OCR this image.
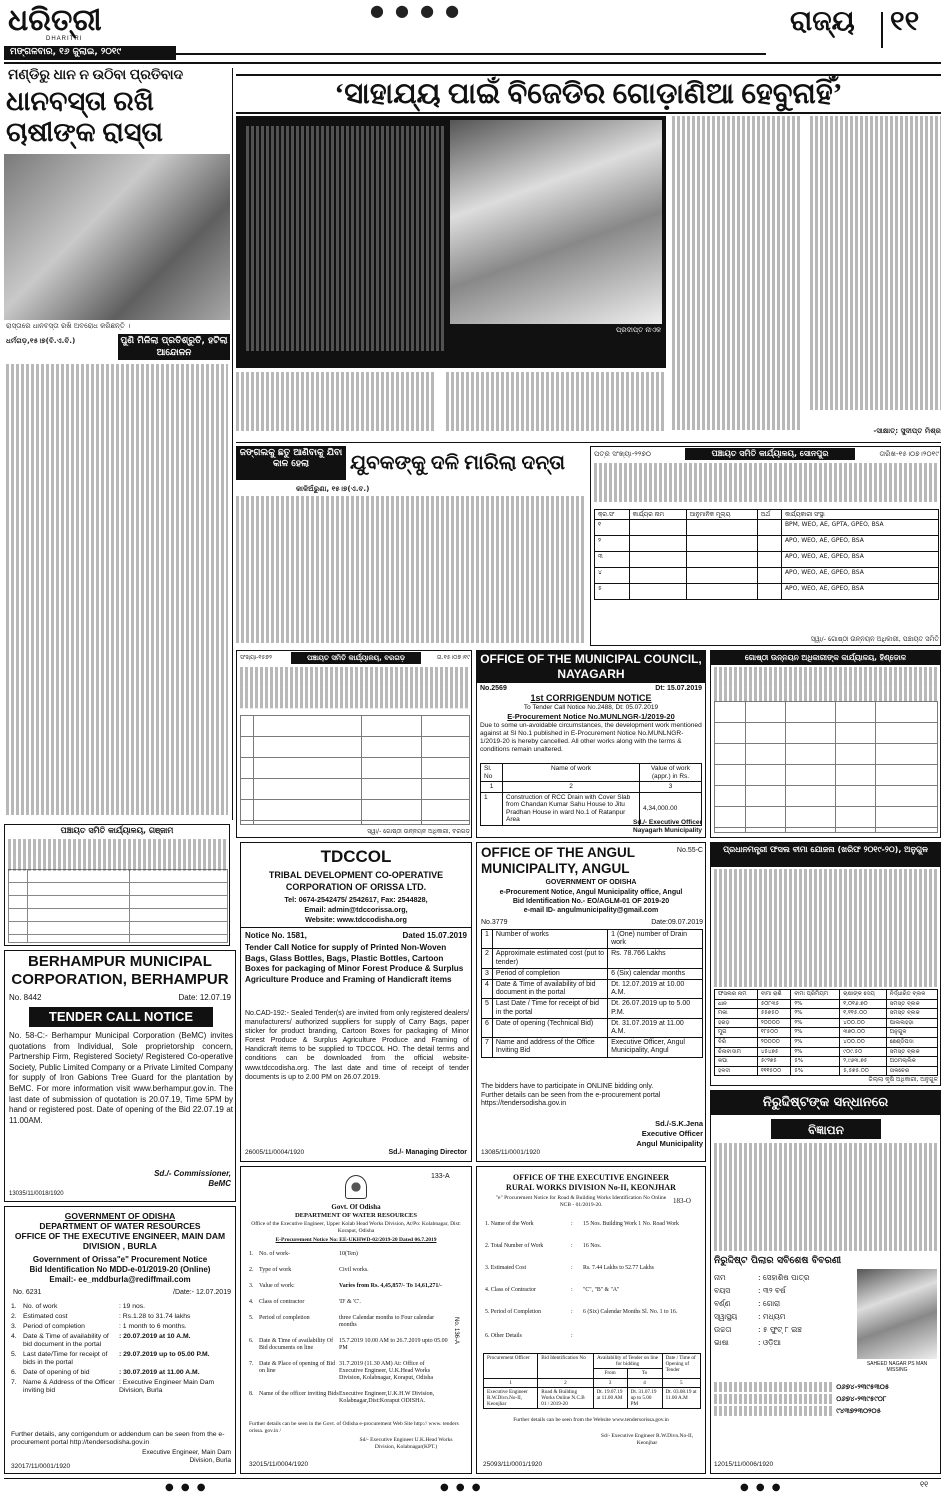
ଧରିତ୍ରୀ
DHARITRI
ମଙ୍ଗଳବାର, ୧୬ ଜୁଲାଇ, ୨୦୧୯
● ● ● ●	ରାଜ୍ୟ ୧୧
ମଣ୍ଡିରୁ ଧାନ ନ ଉଠିବା ପ୍ରତିବାଦ
ଧାନବସ୍ତା ରଖି ଚାଷୀଙ୍କ ରାସ୍ତା
ରାସ୍ତାରେ ଧାନବସ୍ତା ରଖି ଅବରୋଧ କରିଛନ୍ତି ।
ଧର୍ମଗଡ଼,୧୫।୭(ବି.ଏ.ବି.)	ପୁଣି ମିଳିଲା ପ୍ରତିଶ୍ରୁତି, ହଟିଲା ଆନ୍ଦୋଳନ
‘ସାହାଯ୍ୟ ପାଇଁ ବିଜେଡିର ଗୋଡ଼ାଣିଆ ହେବୁନାହିଁ’
ପ୍ରଦୀପ୍ତ ନାଏକ
-ସାକ୍ଷାତ୍: ସୁଦୀପ୍ତ ମିଶ୍ର
ଜଙ୍ଗଲକୁ ଛତୁ ଆଣିବାକୁ ଯିବା କାଳ ହେଲା	ଯୁବକଙ୍କୁ ଦଳି ମାରିଲା ଦନ୍ତା
କାଳିଅଁରୁଣା, ୧୫।୭(ଏ.ବ.)
ପତ୍ର ସଂଖ୍ୟା-୨୨୭୦	ପଞ୍ଚାୟତ ସମିତି କାର୍ଯ୍ୟାଳୟ, ସୋନପୁର	ତାରିଖ-୧୫।୦୭।୨୦୧୯
କ୍ର.ସଂ	କାର୍ଯ୍ୟର ନାମ	ଆନୁମାନିକ ମୂଲ୍ୟ	ଅର୍ଥ	କାର୍ଯ୍ୟକାରୀ ସଂସ୍ଥା
୧				BPM, WEO, AE, GPTA, GPEO, BSA
୨				APO, WEO, AE, GPEO, BSA
୩				APO, WEO, AE, GPEO, BSA
୪				APO, WEO, AE, GPEO, BSA
୫				APO, WEO, AE, GPEO, BSA
ସ୍ୱା/- ଗୋଷ୍ଠୀ ଉନ୍ନୟନ ଅଧିକାରୀ, ପଞ୍ଚାୟତ ସମିତି
ସଂଖ୍ୟା-୧୫୭୨	ପଞ୍ଚାୟତ ସମିତି କାର୍ଯ୍ୟାଳୟ, ବରଗଡ଼	ତା.୧୫।୦୭।୧୯
ସ୍ୱା/- ଗୋଷ୍ଠୀ ଉନ୍ନୟନ ଅଧିକାରୀ, ବରଗଡ଼
OFFICE OF THE MUNICIPAL COUNCIL, NAYAGARH
No.2569	Dt: 15.07.2019
1st CORRIGENDUM NOTICE
To Tender Call Notice No.2488, Dt: 05.07.2019
E-Procurement Notice No.MUNLNGR-1/2019-20
Due to some un-avoidable circumstances, the development work mentioned against at Sl No.1 published in E-Procurement Notice No.MUNLNGR-1/2019-20 is hereby cancelled. All other works along with the terms & conditions remain unaltered.
Sl. No	Name of work	Value of work (appr.) in Rs.
1	2	3
1	Construction of RCC Drain with Cover Slab from Chandan Kumar Sahu House to Jitu Pradhan House in ward No.1 of Ratanpur Area	4,34,000.00
Sd./- Executive Officer
Nayagarh Municipality
ଗୋଷ୍ଠୀ ଉନ୍ନୟନ ଅଧିକାରୀଙ୍କ କାର୍ଯ୍ୟାଳୟ, ହିଣ୍ଡୋଳ
ପଞ୍ଚାୟତ ସମିତି କାର୍ଯ୍ୟାଳୟ, ଗଞ୍ଜାମ
ପ୍ରଧାନମନ୍ତ୍ରୀ ଫସଲ ବୀମା ଯୋଜନା (ଖରିଫ ୨୦୧୯-୨୦), ଅନୁଗୁଳ
ଫସଲର ନାମ	ବୀମା ରାଶି	ବୀମା ପ୍ରିମିୟମ	ଚାଷୀଙ୍କ ଦେୟ	ନିର୍ଦ୍ଧାରିତ ବ୍ଲକ
ଧାନ	୫୦୮୩୫	୨%	୧,୦୧୬.୭୦	ସମସ୍ତ ବ୍ଲକ
ମକା	୫୫୭୫୦	୨%	୧,୧୧୫.୦୦	ସମସ୍ତ ବ୍ଲକ
ହରଡ଼	୨୦୦୦୦	୨%	୪୦୦.୦୦	ପାଲଲହଡ଼ା
ମୁଗ	୧୮୫୦୦	୨%	୩୭୦.୦୦	ଅନୁଗୁଳ
ବିରି	୨୦୦୦୦	୨%	୪୦୦.୦୦	ଛେଣ୍ଡିପଦା
ଚିନାବାଦାମ	୪୫୪୭୫	୨%	୯୦୯.୫୦	ସମସ୍ତ ବ୍ଲକ
କପା	୫୯୨୭୫	୫%	୨,୯୬୩.୭୫	ଅଠମଲ୍ଲିକ
ହଳଦୀ	୧୧୧୫୦୦	୫%	୫,୫୭୫.୦୦	ତାଳଚେର
ଜିଲ୍ଲା କୃଷି ଅଧିକାରୀ, ଅନୁଗୁଳ
BERHAMPUR MUNICIPAL CORPORATION, BERHAMPUR
No. 8442	Date: 12.07.19
TENDER CALL NOTICE
No. 58-C:- Berhampur Municipal Corporation (BeMC) invites quotations from Individual, Sole proprietorship concern, Partnership Firm, Registered Society/ Registered Co-operative Society, Public Limited Company or a Private Limited Company for supply of Iron Gabions Tree Guard for the plantation by BeMC. For more information visit www.berhampur.gov.in. The last date of submission of quotation is 20.07.19, Time 5PM by hand or registered post. Date of opening of the Bid 22.07.19 at 11.00AM.
Sd./- Commissioner,
BeMC
13035/11/0018/1920
TDCCOL
TRIBAL DEVELOPMENT CO-OPERATIVE CORPORATION OF ORISSA LTD.
Tel: 0674-2542475/ 2542617, Fax: 2544828,
Email: admin@tdccorissa.org,
Website: www.tdccodisha.org
Notice No. 1581,	Dated 15.07.2019
Tender Call Notice for supply of Printed Non-Woven Bags, Glass Bottles, Bags, Plastic Bottles, Cartoon Boxes for packaging of Minor Forest Produce & Surplus Agriculture Produce and Framing of Handicraft items
No.CAD-192:- Sealed Tender(s) are invited from only registered dealers/ manufacturers/ authorized suppliers for supply of Carry Bags, paper sticker for product branding, Cartoon Boxes for packaging of Minor Forest Produce & Surplus Agriculture Produce and Framing of Handicraft items to be supplied to TDCCOL HO. The detail terms and conditions can be downloaded from the official website- www.tdccodisha.org. The last date and time of receipt of tender documents is up to 2.00 PM on 26.07.2019.
26005/11/0004/1920	Sd./- Managing Director
OFFICE OF THE ANGUL MUNICIPALITY, ANGUL
No.55-C
GOVERNMENT OF ODISHA
e-Procurement Notice, Angul Municipality office, Angul
Bid Identification No.- EO/AGLM-01 OF 2019-20
e-mail ID- angulmunicipality@gmail.com
No.3779	Date:09.07.2019
1	Number of works	1 (One) number of Drain work
2	Approximate estimated cost (put to tender)	Rs. 78.766 Lakhs
3	Period of completion	6 (Six) calendar months
4	Date & Time of availability of bid document in the portal	Dt. 12.07.2019 at 10.00 A.M.
5	Last Date / Time for receipt of bid in the portal	Dt. 26.07.2019 up to 5.00 P.M.
6	Date of opening (Technical Bid)	Dt. 31.07.2019 at 11.00 A.M.
7	Name and address of the Office Inviting Bid	Executive Officer, Angul Municipality, Angul
The bidders have to participate in ONLINE bidding only.
Further details can be seen from the e-procurement portal https://tendersodisha.gov.in
Sd./-S.K.Jena
Executive Officer
Angul Municipality
13085/11/0001/1920
ନିରୁଦ୍ଦିଷ୍ଟଙ୍କ ସନ୍ଧାନରେ
ବିଜ୍ଞାପନ
ନିରୁଦ୍ଦିଷ୍ଟ ପିଲାର ସବିଶେଷ ବିବରଣୀ
ନାମ	: ସେହାଶିଷ ପାତ୍ର
ବୟସ	: ୩୨ ବର୍ଷ
ବର୍ଣ୍ଣ	: ଗୋରା
ସ୍ୱାସ୍ଥ୍ୟ	: ମଧ୍ୟମ
ଉଚ୍ଚତା	: ୫ ଫୁଟ୍ ୮ ଇଞ୍ଚ
ଭାଷା	: ଓଡ଼ିଆ
SAHEED NAGAR PS MAN MISSING
୦୬୭୪-୨୩୯୫୩୦୫

୦୬୭୪-୨୩୯୫୯୦୮

୯୪୩୭୨୩୦୨୦୫
12015/11/0006/1920
GOVERNMENT OF ODISHA
DEPARTMENT OF WATER RESOURCES
OFFICE OF THE EXECUTIVE ENGINEER, MAIN DAM DIVISION , BURLA
Government of Orissa"e" Procurement Notice
Bid Identification No MDD-e-01/2019-20 (Online)
Email:- ee_mddburla@rediffmail.com
No. 6231	/Date:- 12.07.2019
1. No. of work	: 19 nos.
2. Estimated cost	: Rs.1.28 to 31.74 lakhs
3. Period of completion	: 1 month to 6 months.
4. Date & Time of availability of bid document in the portal
: 20.07.2019 at 10 A.M.
5. Last date/Time for receipt of bids in the portal
: 29.07.2019 up to 05.00 P.M.
6. Date of opening of bid	: 30.07.2019 at 11.00 A.M.
7. Name & Address of the Officer inviting bid
: Executive Engineer Main Dam Division, Burla
Further details, any corrigendum or addendum can be seen from the e-procurement portal http://tendersodisha.gov.in
Executive Engineer, Main Dam Division, Burla
32017/11/0001/1920
133-A
Govt. Of Odisha
DEPARTMENT OF WATER RESOURCES
Office of the Executive Engineer, Upper Kolab Head Works Division, At/Po: Kolabnagar, Dist: Koraput, Odisha
E-Procurement Notice No: EE-UKHWD-02/2019-20 Dated 06.7.2019
1. No. of work-	10(Ten)
2. Type of work	Civil works.
3. Value of work:	Varies from Rs. 4,45,857/- To 14,61,271/-
4. Class of contractor	'D' & 'C'.
5. Period of completion	three Calendar months to Four calendar months
6. Date & Time of availability Of Bid documents on line
15.7.2019 10.00 AM to 26.7.2019 upto 05.00 PM
7. Date & Place of opening of Bid on line
31.7.2019 (11.30 AM) At: Office of Executive Engineer, U.K.Head Works Division, Kolabnagar, Koraput, Odisha
8. Name of the officer inviting Bids Executive Engineer,U.K.H.W Division, Kolabnagar,Dist:Koraput ODISHA.
No. 136-A
Further details can be seen in the Govt. of Odisha e-procurement Web Site http:// www. tenders orissa. gov.in /
Sd/- Executive Engineer U.K.Head Works Division, Kolabnagar(KPT.)
32015/11/0004/1920
OFFICE OF THE EXECUTIVE ENGINEER
RURAL WORKS DIVISION No-II, KEONJHAR
"e" Procurement Notice for Road & Building Works Identification No Online NCB - 01/2019-20.	183-O
1. Name of the Work	:	15 Nos. Building Work 1 No. Road Work
2. Total Number of Work	:	16 Nos.
3. Estimated Cost	:	Rs. 7.44 Lakhs to 52.77 Lakhs
4. Class of Contractor	:	"C", "B" & "A"
5. Period of Completion	:	6 (Six) Calendar Months Sl. No. 1 to 16.
6. Other Details	:
Procurement Officer	Bid Identification No	Availability of Tender on line for bidding		Date / Time of Opening of Tender
		From	To	
1	2	3	4	5
Executive Engineer R.W.Divn.No-II, Keonjhar	Road & Building Works Online N.C.B 01 / 2019-20	Dt. 19.07.19 at 11.00 AM	Dt. 31.07.19 up to 5.00 PM	Dt. 03.08.19 at 11.00 A.M
Further details can be seen from the Website www.tendersorissa.gov.in
Sd/- Executive Engineer R.W.Divn.No-II, Keonjhar
25093/11/0001/1920
● ● ●	● ● ●	● ● ●	୧୧
